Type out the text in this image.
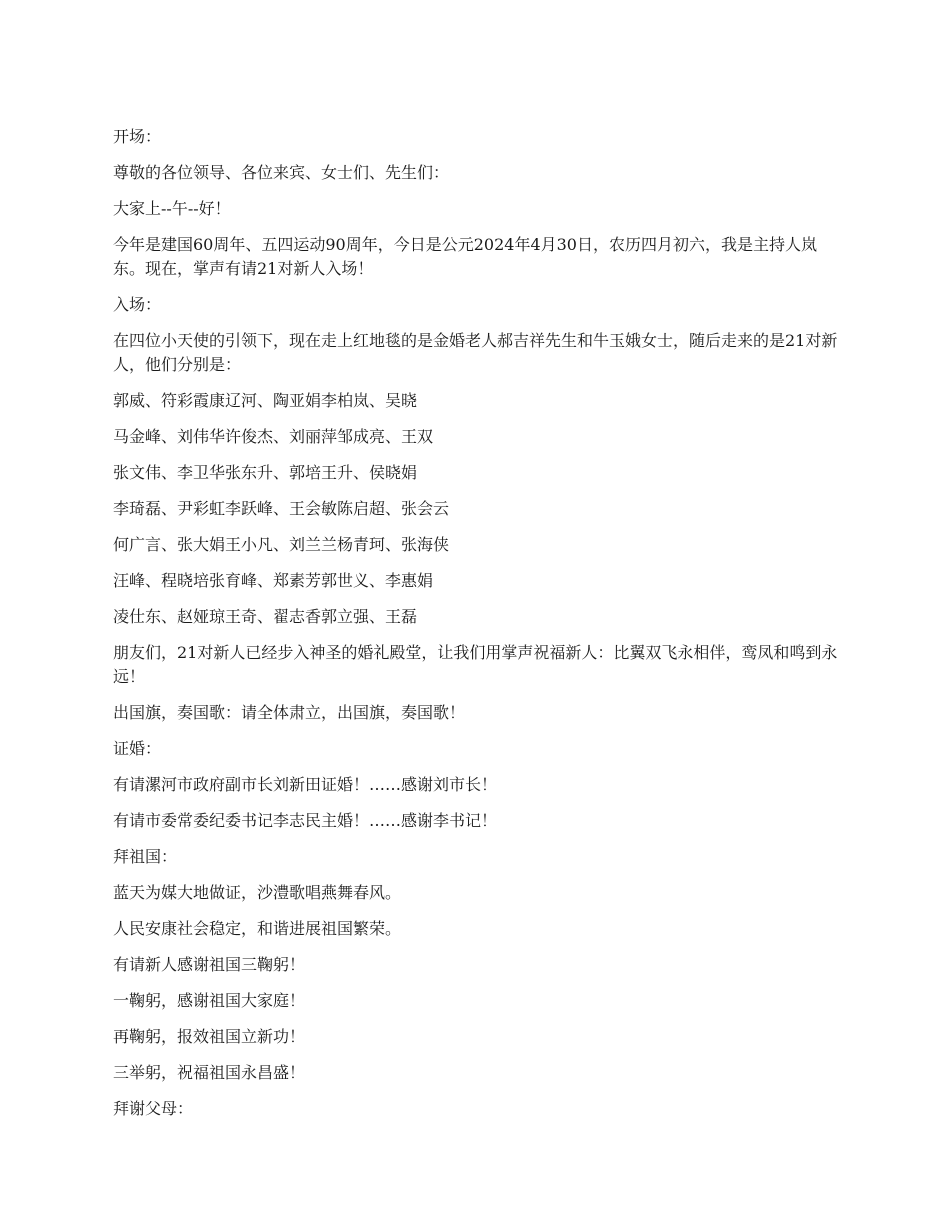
开场：

尊敬的各位领导、各位来宾、女士们、先生们：

大家上--午--好！

今年是建国60周年、五四运动90周年，今日是公元2024年4月30日，农历四月初六，我是主持人岚东。现在，掌声有请21对新人入场！

入场：

在四位小天使的引领下，现在走上红地毯的是金婚老人郝吉祥先生和牛玉娥女士，随后走来的是21对新人，他们分别是：

郭威、符彩霞康辽河、陶亚娟李柏岚、吴晓

马金峰、刘伟华许俊杰、刘丽萍邹成亮、王双

张文伟、李卫华张东升、郭培王升、侯晓娟

李琦磊、尹彩虹李跃峰、王会敏陈启超、张会云

何广言、张大娟王小凡、刘兰兰杨青珂、张海侠

汪峰、程晓培张育峰、郑素芳郭世义、李惠娟

凌仕东、赵娅琼王奇、翟志香郭立强、王磊

朋友们，21对新人已经步入神圣的婚礼殿堂，让我们用掌声祝福新人：比翼双飞永相伴，鸾凤和鸣到永远！

出国旗，奏国歌：请全体肃立，出国旗，奏国歌！

证婚：

有请漯河市政府副市长刘新田证婚！……感谢刘市长！

有请市委常委纪委书记李志民主婚！……感谢李书记！

拜祖国：

蓝天为媒大地做证，沙澧歌唱燕舞春风。

人民安康社会稳定，和谐进展祖国繁荣。

有请新人感谢祖国三鞠躬！

一鞠躬，感谢祖国大家庭！

再鞠躬，报效祖国立新功！

三举躬，祝福祖国永昌盛！

拜谢父母：
